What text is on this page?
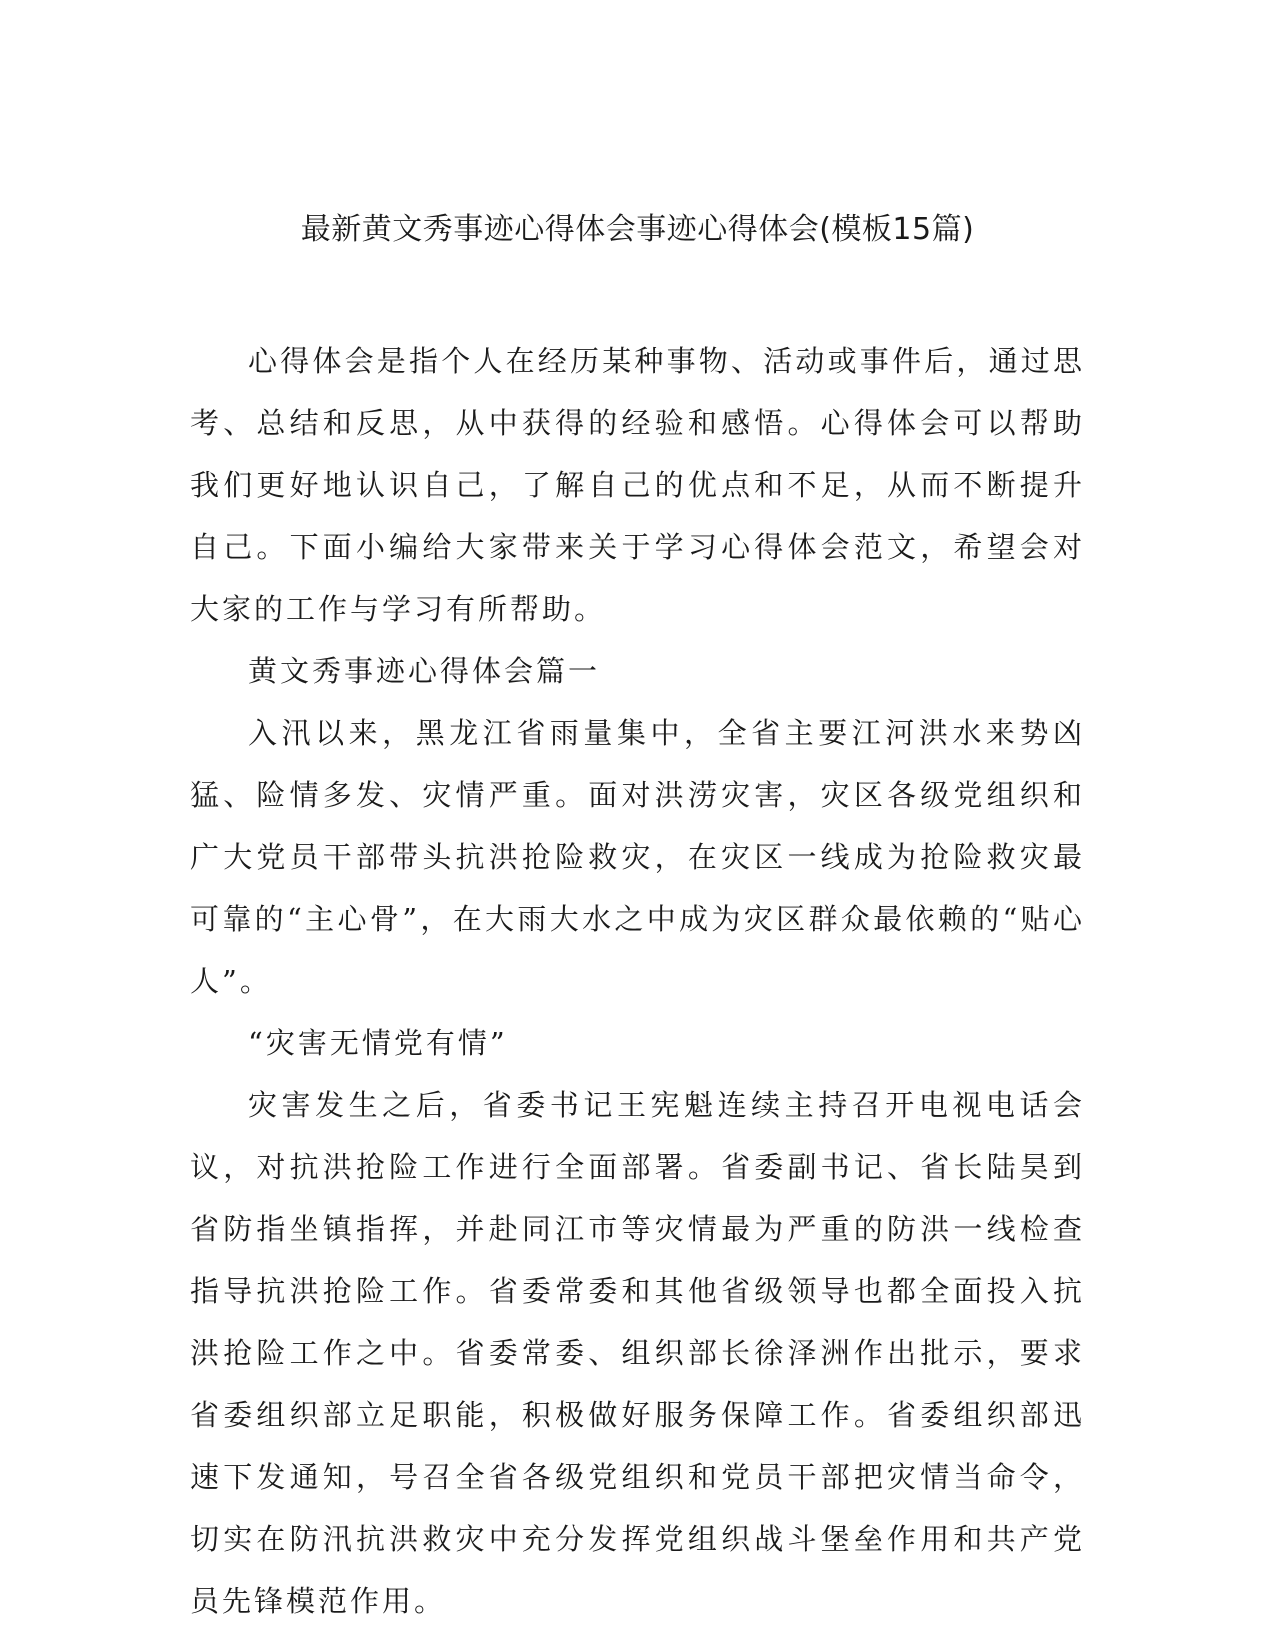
最新黄文秀事迹心得体会事迹心得体会(模板15篇)

心得体会是指个人在经历某种事物、活动或事件后，通过思考、总结和反思，从中获得的经验和感悟。心得体会可以帮助我们更好地认识自己，了解自己的优点和不足，从而不断提升自己。下面小编给大家带来关于学习心得体会范文，希望会对大家的工作与学习有所帮助。

黄文秀事迹心得体会篇一

入汛以来，黑龙江省雨量集中，全省主要江河洪水来势凶猛、险情多发、灾情严重。面对洪涝灾害，灾区各级党组织和广大党员干部带头抗洪抢险救灾，在灾区一线成为抢险救灾最可靠的“主心骨”，在大雨大水之中成为灾区群众最依赖的“贴心人”。

“灾害无情党有情”

灾害发生之后，省委书记王宪魁连续主持召开电视电话会议，对抗洪抢险工作进行全面部署。省委副书记、省长陆昊到省防指坐镇指挥，并赴同江市等灾情最为严重的防洪一线检查指导抗洪抢险工作。省委常委和其他省级领导也都全面投入抗洪抢险工作之中。省委常委、组织部长徐泽洲作出批示，要求省委组织部立足职能，积极做好服务保障工作。省委组织部迅速下发通知，号召全省各级党组织和党员干部把灾情当命令，切实在防汛抗洪救灾中充分发挥党组织战斗堡垒作用和共产党员先锋模范作用。
